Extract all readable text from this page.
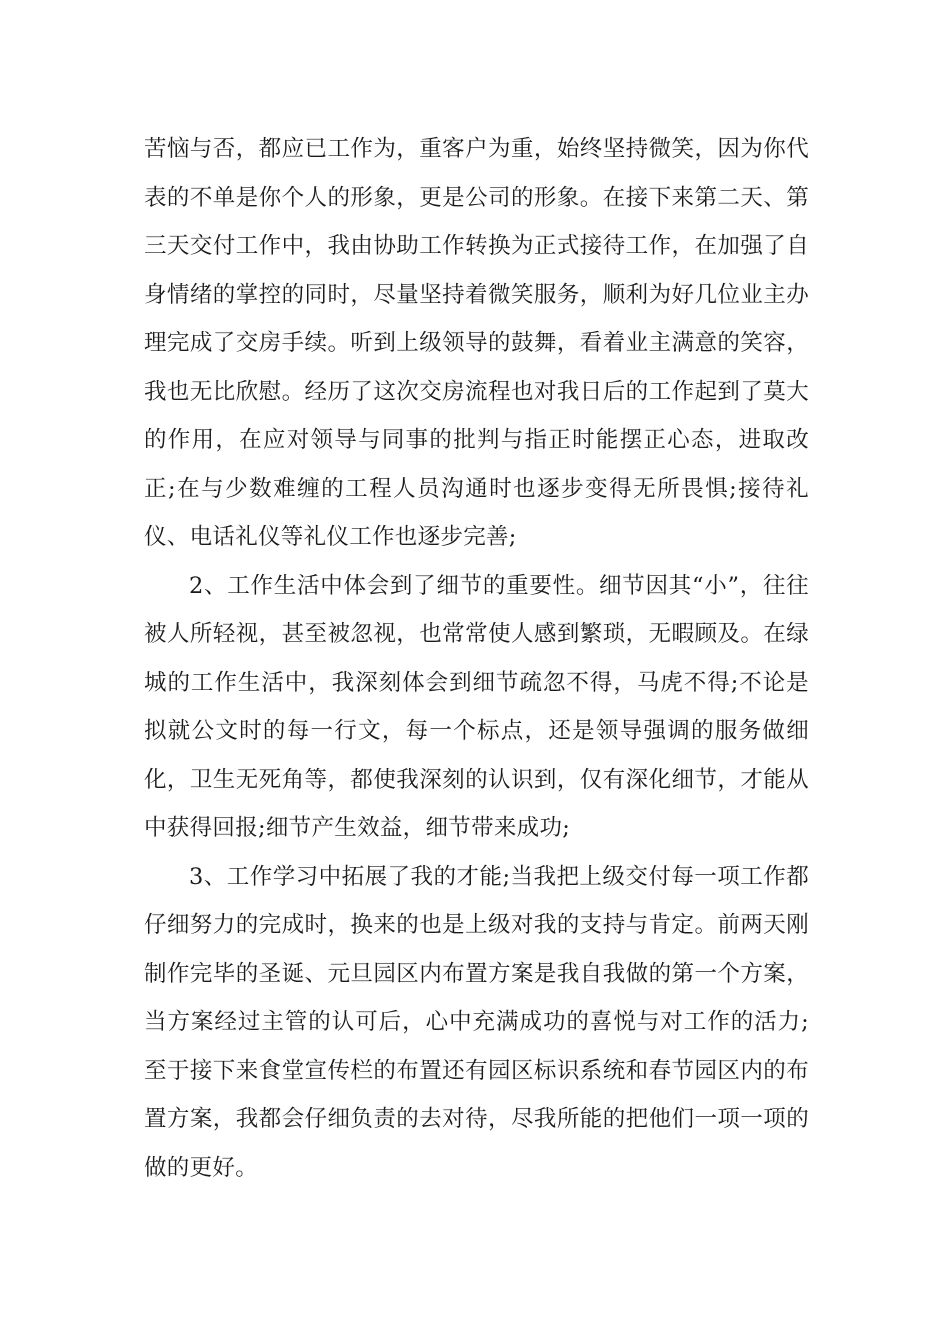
苦恼与否，都应已工作为，重客户为重，始终坚持微笑，因为你代表的不单是你个人的形象，更是公司的形象。在接下来第二天、第三天交付工作中，我由协助工作转换为正式接待工作，在加强了自身情绪的掌控的同时，尽量坚持着微笑服务，顺利为好几位业主办理完成了交房手续。听到上级领导的鼓舞，看着业主满意的笑容，我也无比欣慰。经历了这次交房流程也对我日后的工作起到了莫大的作用，在应对领导与同事的批判与指正时能摆正心态，进取改正;在与少数难缠的工程人员沟通时也逐步变得无所畏惧;接待礼仪、电话礼仪等礼仪工作也逐步完善;

2、工作生活中体会到了细节的重要性。细节因其“小”，往往被人所轻视，甚至被忽视，也常常使人感到繁琐，无暇顾及。在绿城的工作生活中，我深刻体会到细节疏忽不得，马虎不得;不论是拟就公文时的每一行文，每一个标点，还是领导强调的服务做细化，卫生无死角等，都使我深刻的认识到，仅有深化细节，才能从中获得回报;细节产生效益，细节带来成功;

3、工作学习中拓展了我的才能;当我把上级交付每一项工作都仔细努力的完成时，换来的也是上级对我的支持与肯定。前两天刚制作完毕的圣诞、元旦园区内布置方案是我自我做的第一个方案，当方案经过主管的认可后，心中充满成功的喜悦与对工作的活力;至于接下来食堂宣传栏的布置还有园区标识系统和春节园区内的布置方案，我都会仔细负责的去对待，尽我所能的把他们一项一项的做的更好。
